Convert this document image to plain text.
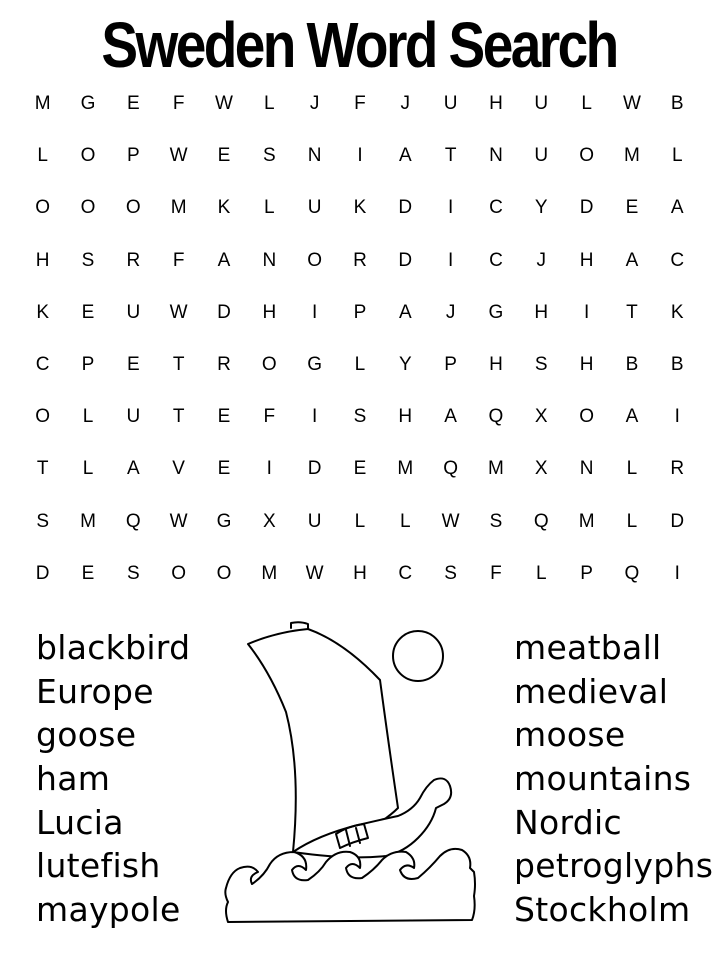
Sweden Word Search
M	G	E	F	W	L	J	F	J	U	H	U	L	W	B
L	O	P	W	E	S	N	I	A	T	N	U	O	M	L
O	O	O	M	K	L	U	K	D	I	C	Y	D	E	A
H	S	R	F	A	N	O	R	D	I	C	J	H	A	C
K	E	U	W	D	H	I	P	A	J	G	H	I	T	K
C	P	E	T	R	O	G	L	Y	P	H	S	H	B	B
O	L	U	T	E	F	I	S	H	A	Q	X	O	A	I
T	L	A	V	E	I	D	E	M	Q	M	X	N	L	R
S	M	Q	W	G	X	U	L	L	W	S	Q	M	L	D
D	E	S	O	O	M	W	H	C	S	F	L	P	Q	I
blackbird
Europe
goose
ham
Lucia
lutefish
maypole
meatball
medieval
moose
mountains
Nordic
petroglyphs
Stockholm
